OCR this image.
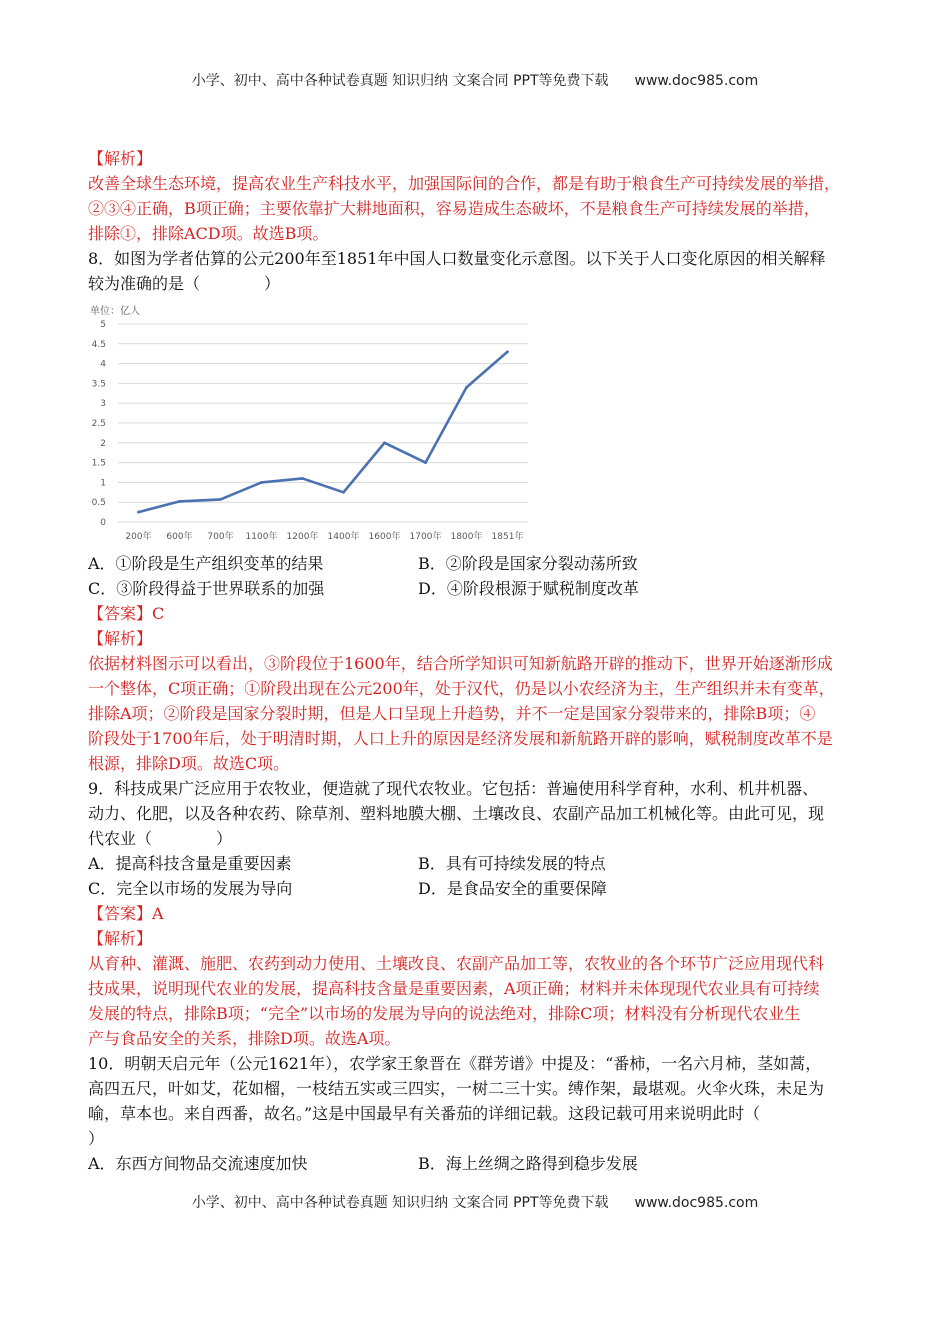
小学、初中、高中各种试卷真题 知识归纳 文案合同 PPT等免费下载 www.doc985.com

【解析】

改善全球生态环境，提高农业生产科技水平，加强国际间的合作，都是有助于粮食生产可持续发展的举措，

②③④正确，B项正确；主要依靠扩大耕地面积，容易造成生态破坏，不是粮食生产可持续发展的举措，

排除①，排除ACD项。故选B项。

8．如图为学者估算的公元200年至1851年中国人口数量变化示意图。以下关于人口变化原因的相关解释

较为准确的是（　　　　）

单位：亿人
0
0.5
1
1.5
2
2.5
3
3.5
4
4.5
5
200年 600年 700年 1100年 1200年 1400年 1600年 1700年 1800年 1851年
A．①阶段是生产组织变革的结果	B．②阶段是国家分裂动荡所致
C．③阶段得益于世界联系的加强	D．④阶段根源于赋税制度改革

【答案】C

【解析】

依据材料图示可以看出，③阶段位于1600年，结合所学知识可知新航路开辟的推动下，世界开始逐渐形成

一个整体，C项正确；①阶段出现在公元200年，处于汉代，仍是以小农经济为主，生产组织并未有变革，

排除A项；②阶段是国家分裂时期，但是人口呈现上升趋势，并不一定是国家分裂带来的，排除B项；④

阶段处于1700年后，处于明清时期，人口上升的原因是经济发展和新航路开辟的影响，赋税制度改革不是

根源，排除D项。故选C项。

9．科技成果广泛应用于农牧业，便造就了现代农牧业。它包括：普遍使用科学育种，水利、机井机器、

动力、化肥，以及各种农药、除草剂、塑料地膜大棚、土壤改良、农副产品加工机械化等。由此可见，现

代农业（　　　　）

A．提高科技含量是重要因素	B．具有可持续发展的特点
C．完全以市场的发展为导向	D．是食品安全的重要保障

【答案】A

【解析】

从育种、灌溉、施肥、农药到动力使用、土壤改良、农副产品加工等，农牧业的各个环节广泛应用现代科

技成果，说明现代农业的发展，提高科技含量是重要因素，A项正确；材料并未体现现代农业具有可持续

发展的特点，排除B项；“完全”以市场的发展为导向的说法绝对，排除C项；材料没有分析现代农业生

产与食品安全的关系，排除D项。故选A项。

10．明朝天启元年（公元1621年），农学家王象晋在《群芳谱》中提及：“番柿，一名六月柿，茎如蒿，

高四五尺，叶如艾，花如榴，一枝结五实或三四实，一树二三十实。缚作架，最堪观。火伞火珠，未足为

喻，草本也。来自西番，故名。”这是中国最早有关番茄的详细记载。这段记载可用来说明此时（

）

A．东西方间物品交流速度加快	B．海上丝绸之路得到稳步发展
小学、初中、高中各种试卷真题 知识归纳 文案合同 PPT等免费下载 www.doc985.com
